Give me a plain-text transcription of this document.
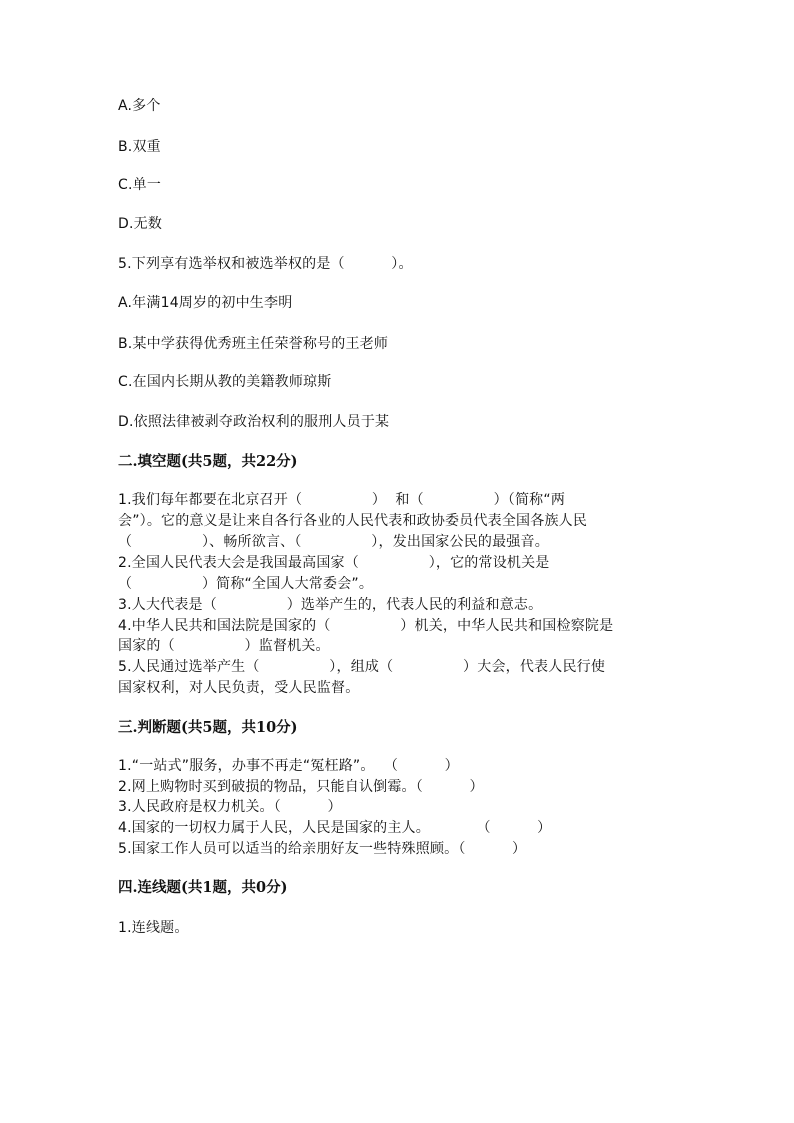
A.多个
B.双重
C.单一
D.无数
5.下列享有选举权和被选举权的是（          ）。
A.年满14周岁的初中生李明
B.某中学获得优秀班主任荣誉称号的王老师
C.在国内长期从教的美籍教师琼斯
D.依照法律被剥夺政治权利的服刑人员于某
二.填空题(共5题，共22分)
1.我们每年都要在北京召开（               ）  和（               ）（简称“两
会”）。它的意义是让来自各行各业的人民代表和政协委员代表全国各族人民
（               ）、畅所欲言、（               ），发出国家公民的最强音。
2.全国人民代表大会是我国最高国家（               ），它的常设机关是
（               ）简称“全国人大常委会”。
3.人大代表是（               ）选举产生的，代表人民的利益和意志。
4.中华人民共和国法院是国家的（               ）机关，中华人民共和国检察院是
国家的（               ）监督机关。
5.人民通过选举产生（               ），组成（               ）大会，代表人民行使
国家权利，对人民负责，受人民监督。
三.判断题(共5题，共10分)
1.“一站式”服务，办事不再走“冤枉路”。  （          ）
2.网上购物时买到破损的物品，只能自认倒霉。（          ）
3.人民政府是权力机关。（          ）
4.国家的一切权力属于人民，人民是国家的主人。          （          ）
5.国家工作人员可以适当的给亲朋好友一些特殊照顾。（          ）
四.连线题(共1题，共0分)
1.连线题。
